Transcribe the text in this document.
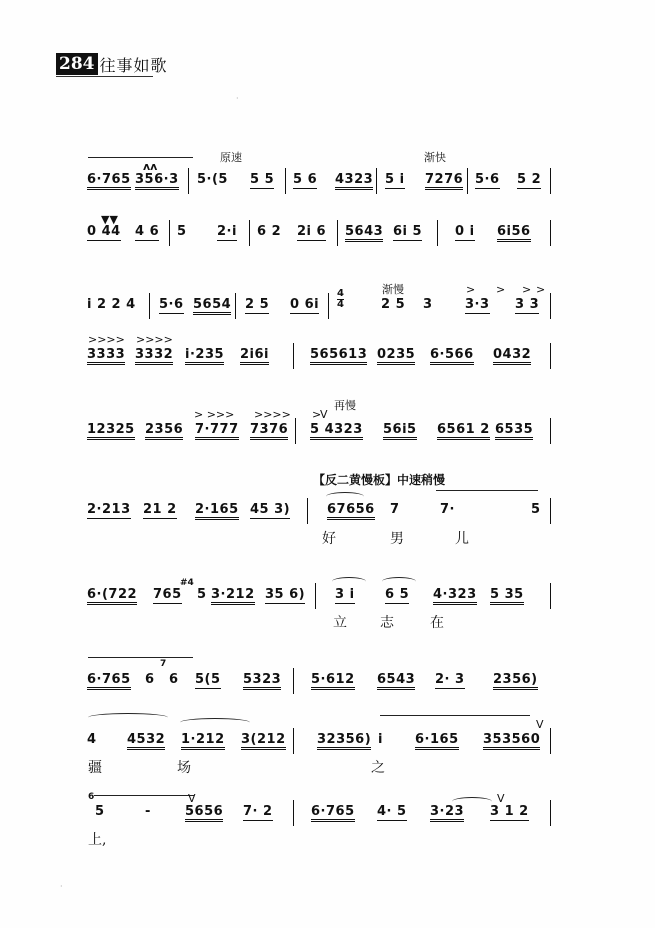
284 往事如歌
原速	渐快
ʌʌ
6·765 356·3 5·(5 5 5 5 6 4323 5 i 7276 5·6 5 2
▼▼
0 44 4 6 5 2·i 6 2 2i 6 5643 6i 5	0 i 6i56
渐慢	> > > >
i 2 2 4 5·6 5654 2 5 0 6i
4
4	2 5 3 3·3 3 3
>>>> >>>>
3333 3332 i·235 2i6i	565613 0235 6·566 0432
再慢
> >>> >>>> >
V
12325 2356 7·777 7376 5 4323 56i5 6561 2 6535
【反二黄慢板】中速稍慢
2·213 21 2 2·165 45 3)	67656 7	7·	5
好	男	儿
#4
6·(722 765 5 3·212 35 6) 3 i 6 5 4·323 5 35
立 志	在
7
6·765 6 6 5(5 5323 5·612 6543 2· 3 2356)
V
4 4532 1·212 3(212 32356) i 6·165 353560
疆	场	之
6	V	V
5	-	5656 7· 2	6·765 4· 5 3·23 3 1 2
上,
·
·
